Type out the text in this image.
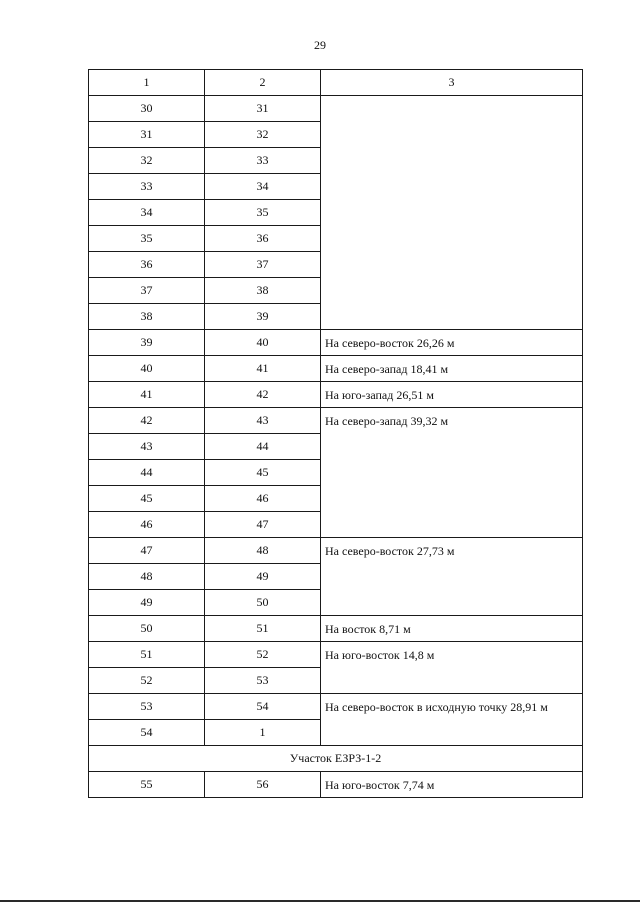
29
1	2	3
30	31	
31	32	
32	33	
33	34	
34	35	
35	36	
36	37	
37	38	
38	39	
39	40	На северо-восток 26,26 м
40	41	На северо-запад 18,41 м
41	42	На юго-запад 26,51 м
42	43	На северо-запад 39,32 м
43	44	
44	45	
45	46	
46	47	
47	48	На северо-восток 27,73 м
48	49	
49	50	
50	51	На восток 8,71 м
51	52	На юго-восток 14,8 м
52	53	
53	54	На северо-восток в исходную точку 28,91 м
54	1	
Участок ЕЗРЗ-1-2		
55	56	На юго-восток 7,74 м
